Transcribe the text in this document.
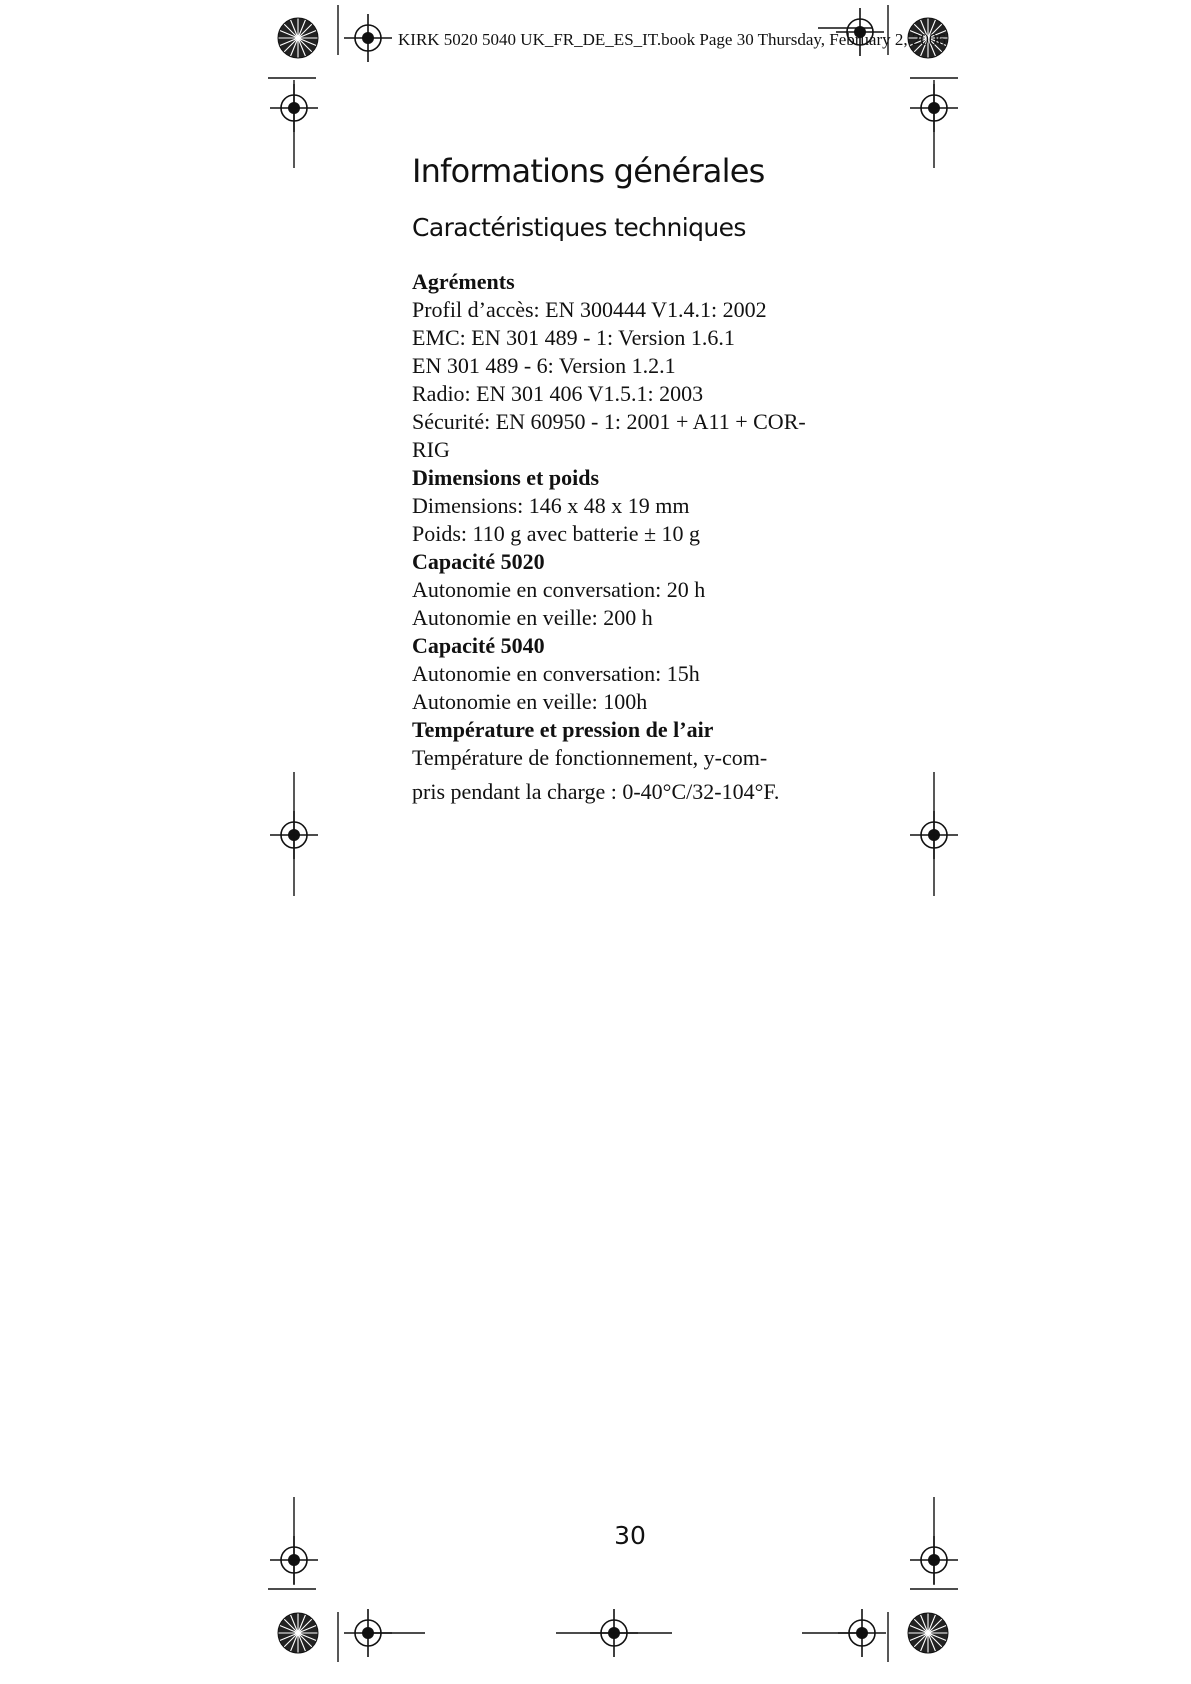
KIRK 5020 5040 UK_FR_DE_ES_IT.book Page 30 Thursday, February 2, 2006
Informations générales
Caractéristiques techniques
Agréments
Profil d’accès: EN 300444 V1.4.1: 2002
EMC: EN 301 489 - 1: Version 1.6.1
EN 301 489 - 6: Version 1.2.1
Radio: EN 301 406 V1.5.1: 2003
Sécurité: EN 60950 - 1: 2001 + A11 + COR-
RIG
Dimensions et poids
Dimensions: 146 x 48 x 19 mm
Poids: 110 g avec batterie ± 10 g
Capacité 5020
Autonomie en conversation: 20 h
Autonomie en veille: 200 h
Capacité 5040
Autonomie en conversation: 15h
Autonomie en veille: 100h
Température et pression de l’air
Température de fonctionnement, y-com-
pris pendant la charge : 0-40°C/32-104°F.
30
